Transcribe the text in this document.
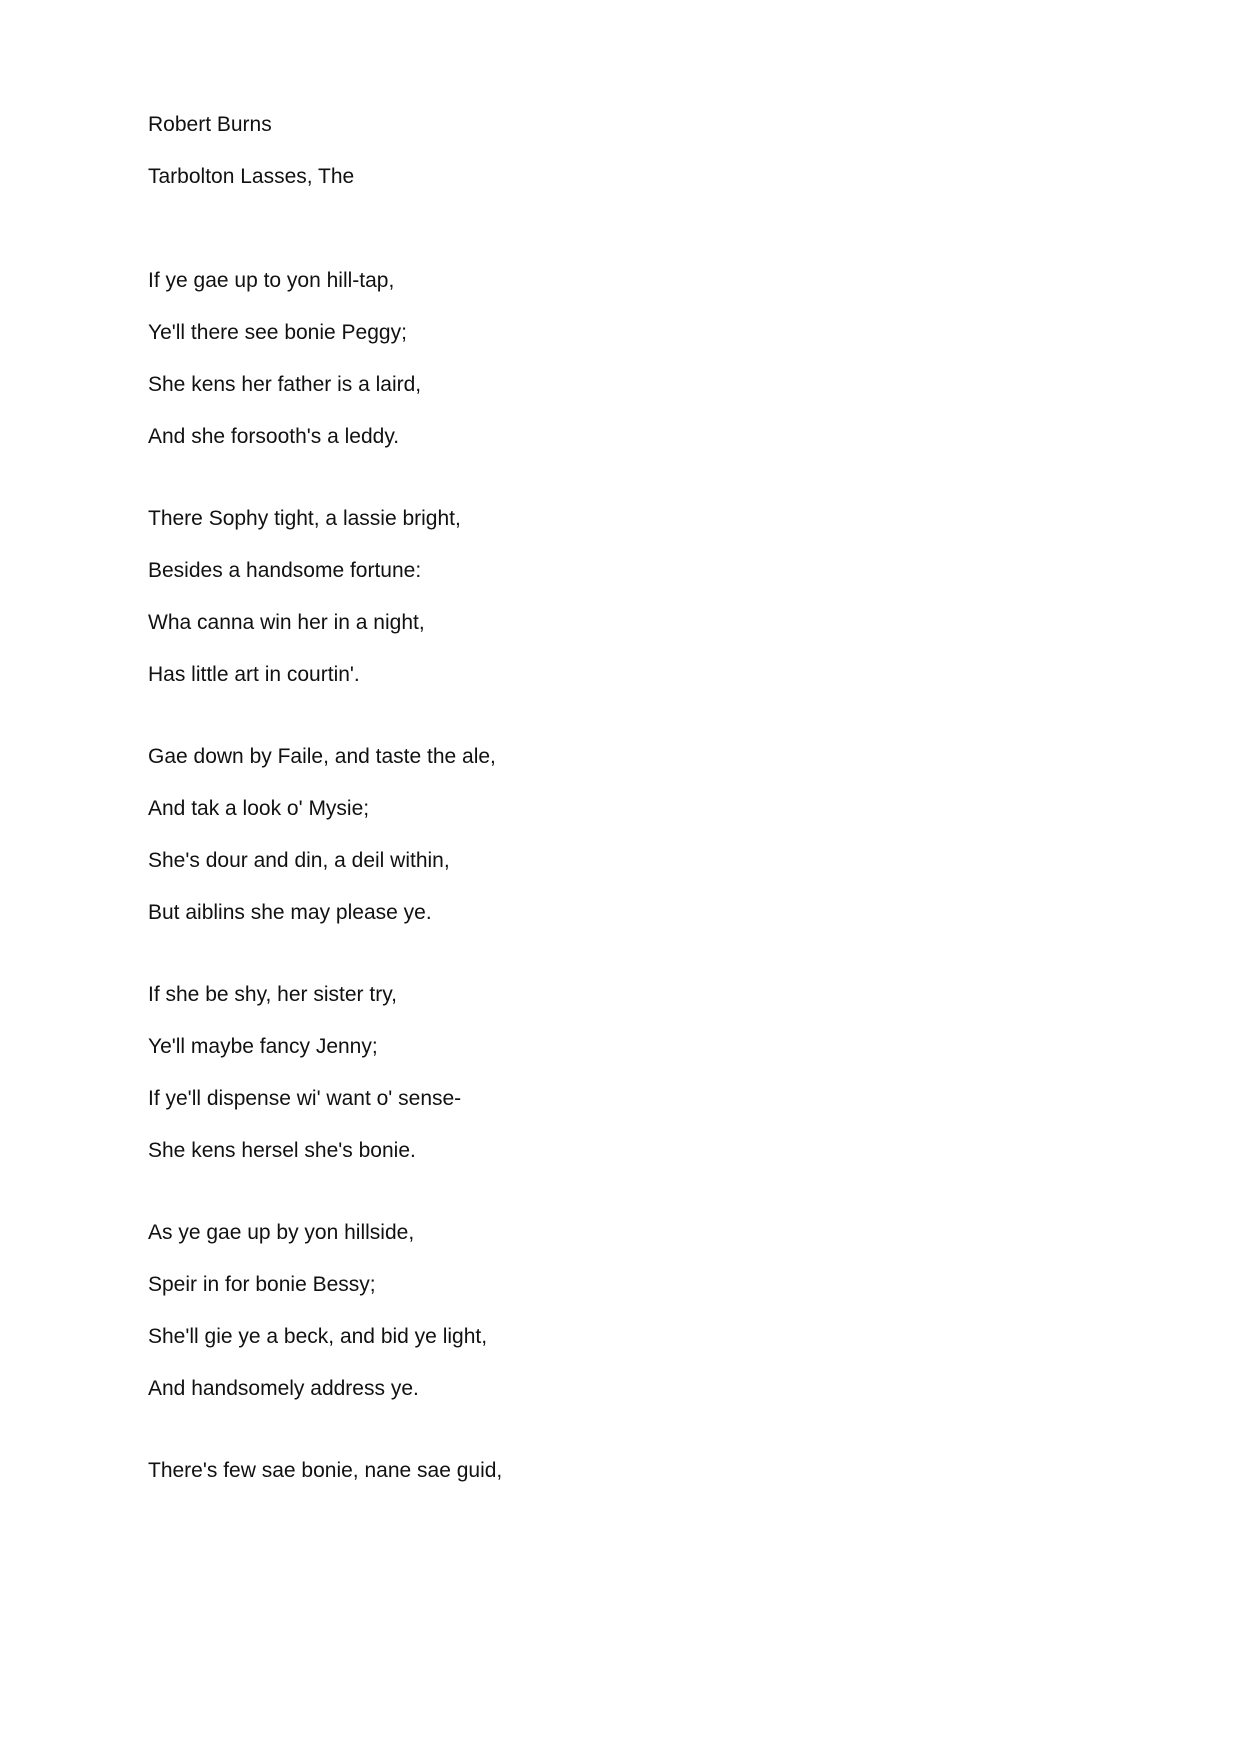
Robert Burns
Tarbolton Lasses, The
If ye gae up to yon hill-tap,
Ye'll there see bonie Peggy;
She kens her father is a laird,
And she forsooth's a leddy.
There Sophy tight, a lassie bright,
Besides a handsome fortune:
Wha canna win her in a night,
Has little art in courtin'.
Gae down by Faile, and taste the ale,
And tak a look o' Mysie;
She's dour and din, a deil within,
But aiblins she may please ye.
If she be shy, her sister try,
Ye'll maybe fancy Jenny;
If ye'll dispense wi' want o' sense-
She kens hersel she's bonie.
As ye gae up by yon hillside,
Speir in for bonie Bessy;
She'll gie ye a beck, and bid ye light,
And handsomely address ye.
There's few sae bonie, nane sae guid,
